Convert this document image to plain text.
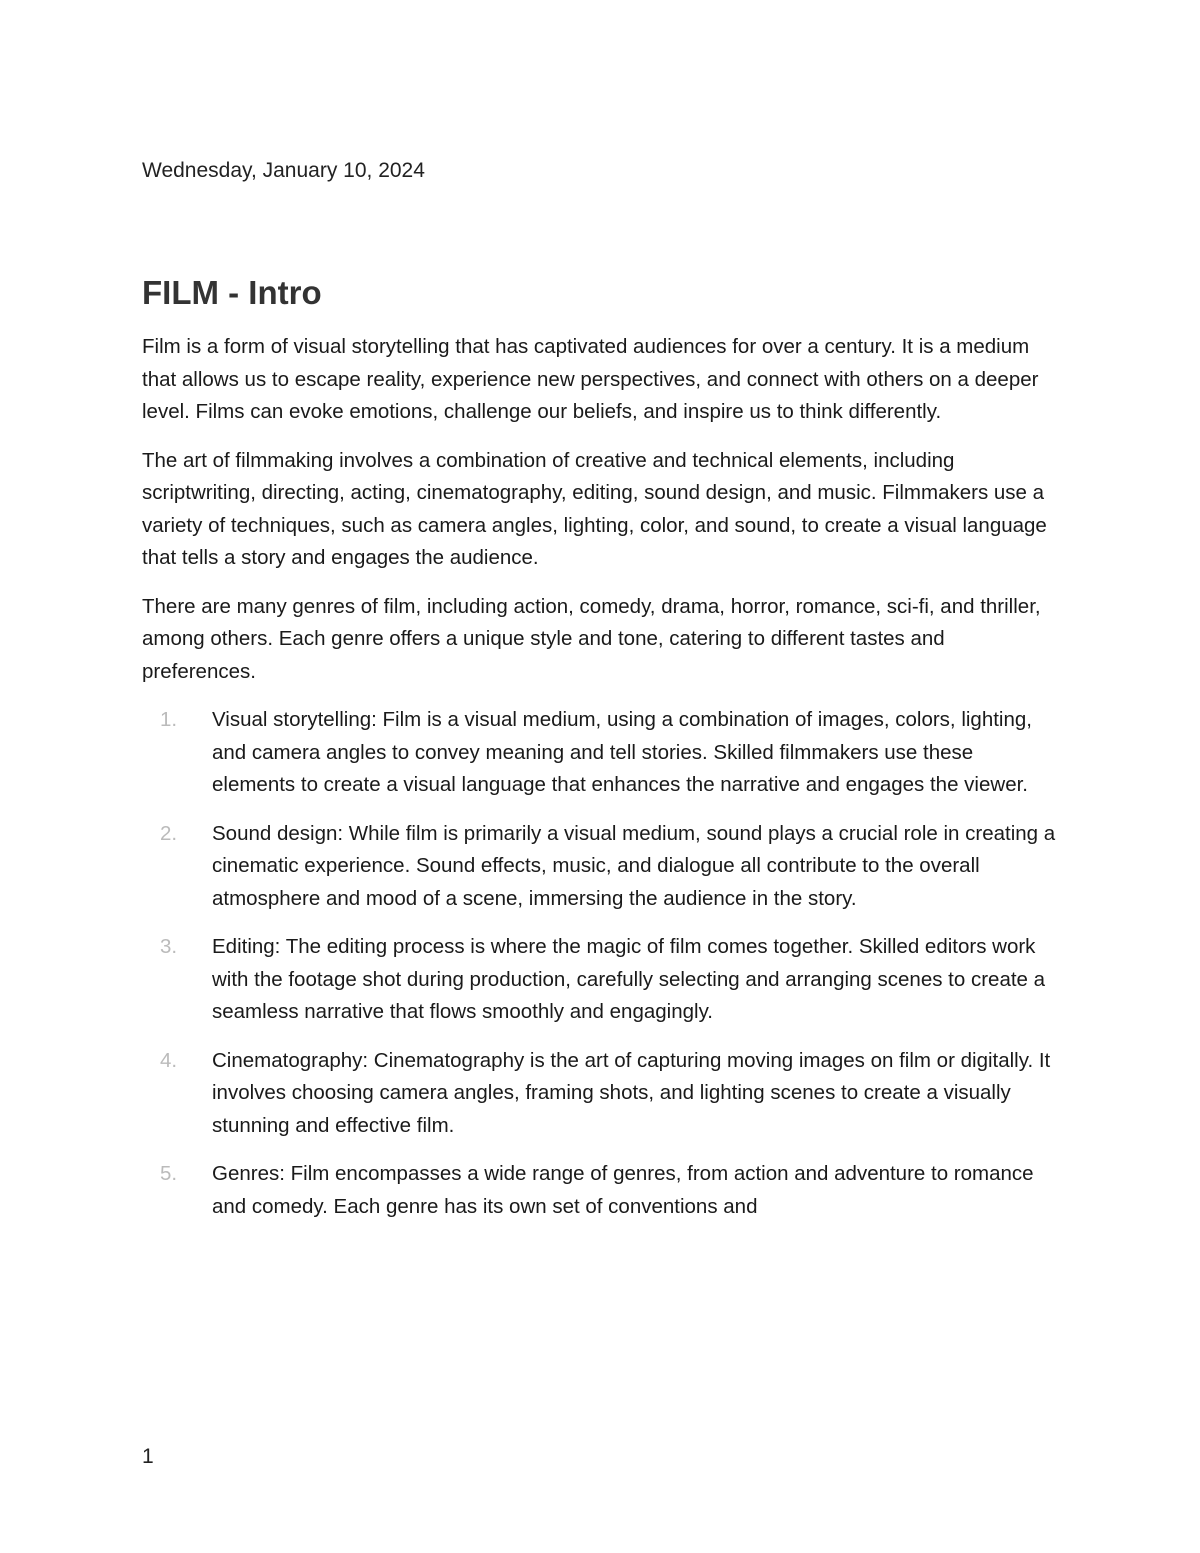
Wednesday, January 10, 2024
FILM - Intro

Film is a form of visual storytelling that has captivated audiences for over a century. It is a medium that allows us to escape reality, experience new perspectives, and connect with others on a deeper level. Films can evoke emotions, challenge our beliefs, and inspire us to think differently.

The art of filmmaking involves a combination of creative and technical elements, including scriptwriting, directing, acting, cinematography, editing, sound design, and music. Filmmakers use a variety of techniques, such as camera angles, lighting, color, and sound, to create a visual language that tells a story and engages the audience.

There are many genres of film, including action, comedy, drama, horror, romance, sci-fi, and thriller, among others. Each genre offers a unique style and tone, catering to different tastes and preferences.

1. Visual storytelling: Film is a visual medium, using a combination of images, colors, lighting, and camera angles to convey meaning and tell stories. Skilled filmmakers use these elements to create a visual language that enhances the narrative and engages the viewer.
2. Sound design: While film is primarily a visual medium, sound plays a crucial role in creating a cinematic experience. Sound effects, music, and dialogue all contribute to the overall atmosphere and mood of a scene, immersing the audience in the story.
3. Editing: The editing process is where the magic of film comes together. Skilled editors work with the footage shot during production, carefully selecting and arranging scenes to create a seamless narrative that flows smoothly and engagingly.
4. Cinematography: Cinematography is the art of capturing moving images on film or digitally. It involves choosing camera angles, framing shots, and lighting scenes to create a visually stunning and effective film.
5. Genres: Film encompasses a wide range of genres, from action and adventure to romance and comedy. Each genre has its own set of conventions and
1
